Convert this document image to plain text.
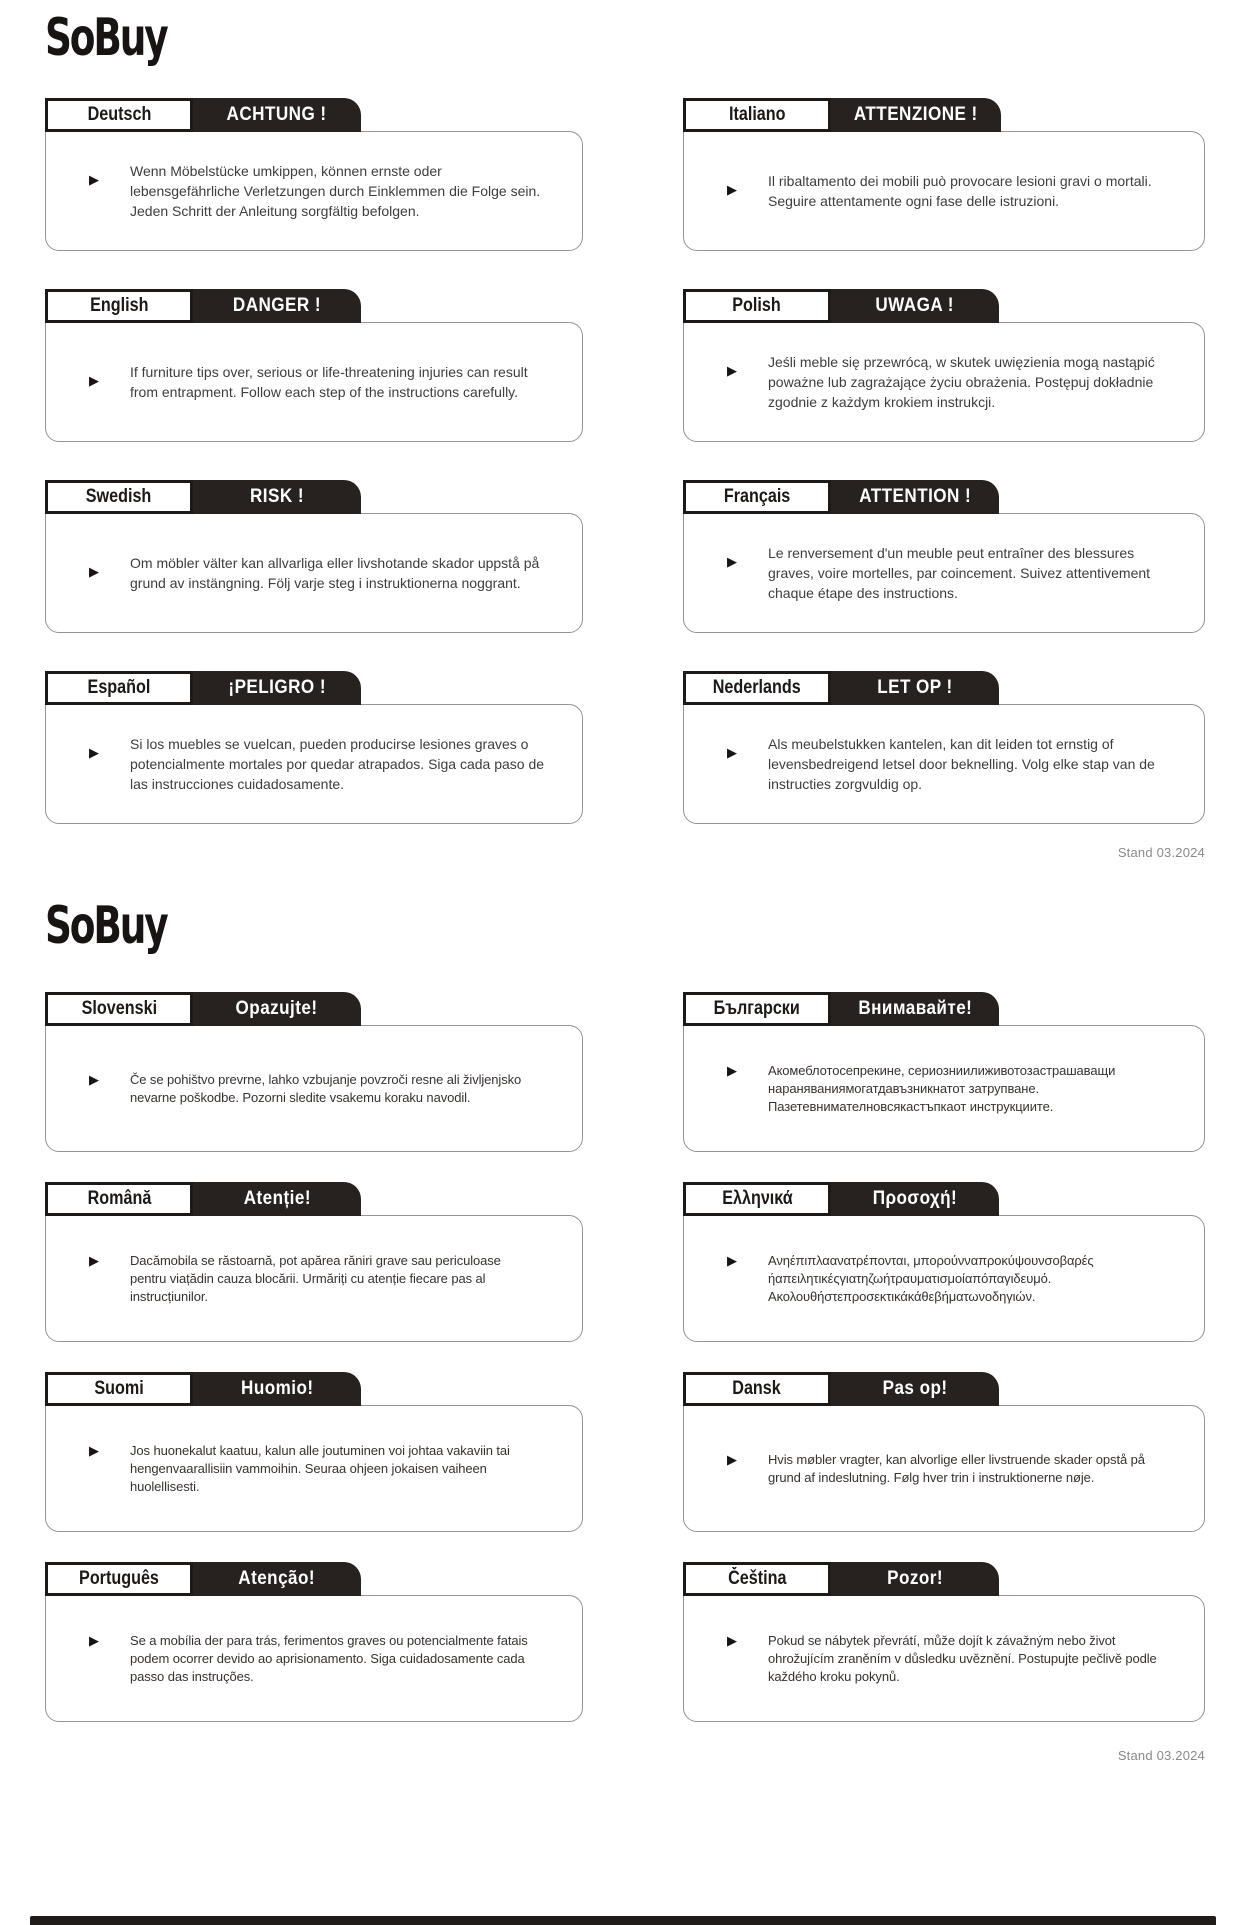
SoBuy
Deutsch	ACHTUNG !
▶
Wenn Möbelstücke umkippen, können ernste oder lebensgefährliche Verletzungen durch Einklemmen die Folge sein. Jeden Schritt der Anleitung sorgfältig befolgen.
Italiano	ATTENZIONE !
▶
Il ribaltamento dei mobili può provocare lesioni gravi o mortali. Seguire attentamente ogni fase delle istruzioni.
English	DANGER !
▶
If furniture tips over, serious or life-threatening injuries can result from entrapment. Follow each step of the instructions carefully.
Polish	UWAGA !
▶
Jeśli meble się przewrócą, w skutek uwięzienia mogą nastąpić poważne lub zagrażające życiu obrażenia. Postępuj dokładnie zgodnie z każdym krokiem instrukcji.
Swedish	RISK !
▶
Om möbler välter kan allvarliga eller livshotande skador uppstå på grund av instängning. Följ varje steg i instruktionerna noggrant.
Français	ATTENTION !
▶
Le renversement d'un meuble peut entraîner des blessures graves, voire mortelles, par coincement. Suivez attentivement chaque étape des instructions.
Español	¡PELIGRO !
▶
Si los muebles se vuelcan, pueden producirse lesiones graves o potencialmente mortales por quedar atrapados. Siga cada paso de las instrucciones cuidadosamente.
Nederlands	LET OP !
▶
Als meubelstukken kantelen, kan dit leiden tot ernstig of levensbedreigend letsel door beknelling. Volg elke stap van de instructies zorgvuldig op.
Stand 03.2024
SoBuy
Slovenski	Opazujte!
▶ Če se pohištvo prevrne, lahko vzbujanje povzroči resne ali življenjsko nevarne poškodbe. Pozorni sledite vsakemu koraku navodil.
Български	Внимавайте!
▶ Акомеблотосепрекине, сериозниилиживотозастрашаващи нараняваниямогатдавъзникнатот затрупване. Пазетевнимателновсякастъпкаот инструкциите.
Română	Atenție!
▶ Dacămobila se răstoarnă, pot apărea răniri grave sau periculoase pentru viațădin cauza blocării. Urmăriți cu atenție fiecare pas al instrucțiunilor.
Ελληνικά	Προσοχή!
▶ Ανηέπιπλαανατρέπονται, μπορούνναπροκύψουνσοβαρές ήαπειλητικέςγιατηζωήτραυματισμοίαπόπαγιδευμό. Ακολουθήστεπροσεκτικάκάθεβήματωνοδηγιών.
Suomi	Huomio!
▶ Jos huonekalut kaatuu, kalun alle joutuminen voi johtaa vakaviin tai hengenvaarallisiin vammoihin. Seuraa ohjeen jokaisen vaiheen huolellisesti.
Dansk	Pas op!
▶ Hvis møbler vragter, kan alvorlige eller livstruende skader opstå på grund af indeslutning. Følg hver trin i instruktionerne nøje.
Português	Atenção!
▶ Se a mobília der para trás, ferimentos graves ou potencialmente fatais podem ocorrer devido ao aprisionamento. Siga cuidadosamente cada passo das instruções.
Čeština	Pozor!
▶ Pokud se nábytek převrátí, může dojít k závažným nebo život ohrožujícím zraněním v důsledku uvěznění. Postupujte pečlivě podle každého kroku pokynů.
Stand 03.2024
